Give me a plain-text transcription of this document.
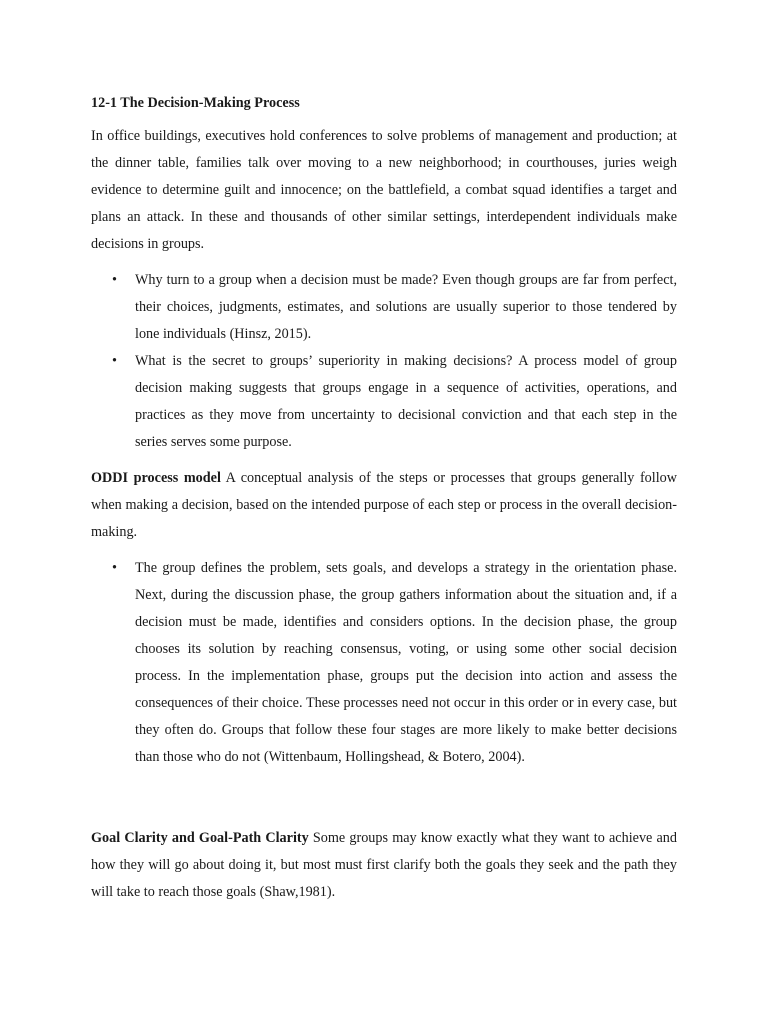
12-1 The Decision-Making Process

In office buildings, executives hold conferences to solve problems of management and production; at the dinner table, families talk over moving to a new neighborhood; in courthouses, juries weigh evidence to determine guilt and innocence; on the battlefield, a combat squad identifies a target and plans an attack. In these and thousands of other similar settings, interdependent individuals make decisions in groups.

• Why turn to a group when a decision must be made? Even though groups are far from perfect, their choices, judgments, estimates, and solutions are usually superior to those tendered by lone individuals (Hinsz, 2015).
• What is the secret to groups’ superiority in making decisions? A process model of group decision making suggests that groups engage in a sequence of activities, operations, and practices as they move from uncertainty to decisional conviction and that each step in the series serves some purpose.

ODDI process model A conceptual analysis of the steps or processes that groups generally follow when making a decision, based on the intended purpose of each step or process in the overall decision-making.

• The group defines the problem, sets goals, and develops a strategy in the orientation phase. Next, during the discussion phase, the group gathers information about the situation and, if a decision must be made, identifies and considers options. In the decision phase, the group chooses its solution by reaching consensus, voting, or using some other social decision process. In the implementation phase, groups put the decision into action and assess the consequences of their choice. These processes need not occur in this order or in every case, but they often do. Groups that follow these four stages are more likely to make better decisions than those who do not (Wittenbaum, Hollingshead, & Botero, 2004).

Goal Clarity and Goal-Path Clarity Some groups may know exactly what they want to achieve and how they will go about doing it, but most must first clarify both the goals they seek and the path they will take to reach those goals (Shaw,1981).
